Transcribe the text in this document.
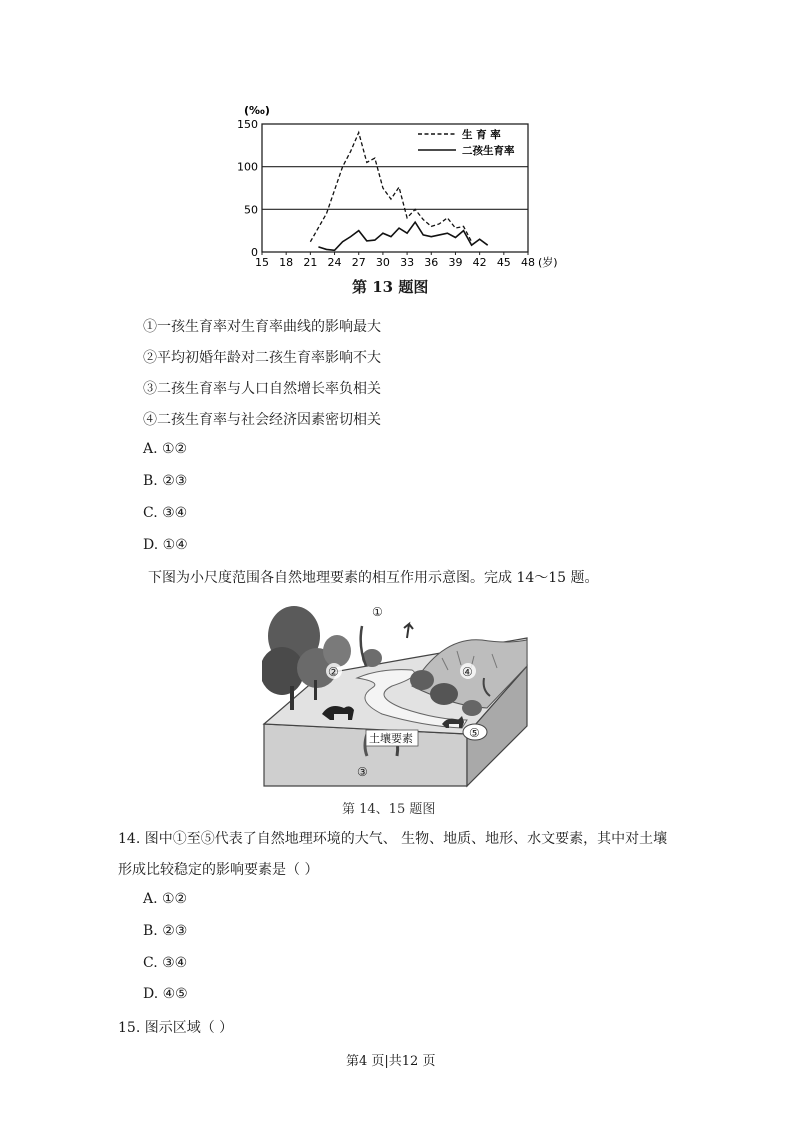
0
50
100
150
15 18 21 24 27 30 33 36 39 42 45 48
生 育 率
二孩生育率
(‰)
(岁)
第 13 题图
①一孩生育率对生育率曲线的影响最大
②平均初婚年龄对二孩生育率影响不大
③二孩生育率与人口自然增长率负相关
④二孩生育率与社会经济因素密切相关
A. ①②
B. ②③
C. ③④
D. ①④
下图为小尺度范围各自然地理要素的相互作用示意图。完成 14～15 题。
①
②
③
④
⑤
土壤要素
第 14、15 题图
14. 图中①至⑤代表了自然地理环境的大气、 生物、地质、地形、水文要素，其中对土壤
形成比较稳定的影响要素是（ ）
A. ①②
B. ②③
C. ③④
D. ④⑤
15. 图示区域（ ）
第4 页|共12 页
